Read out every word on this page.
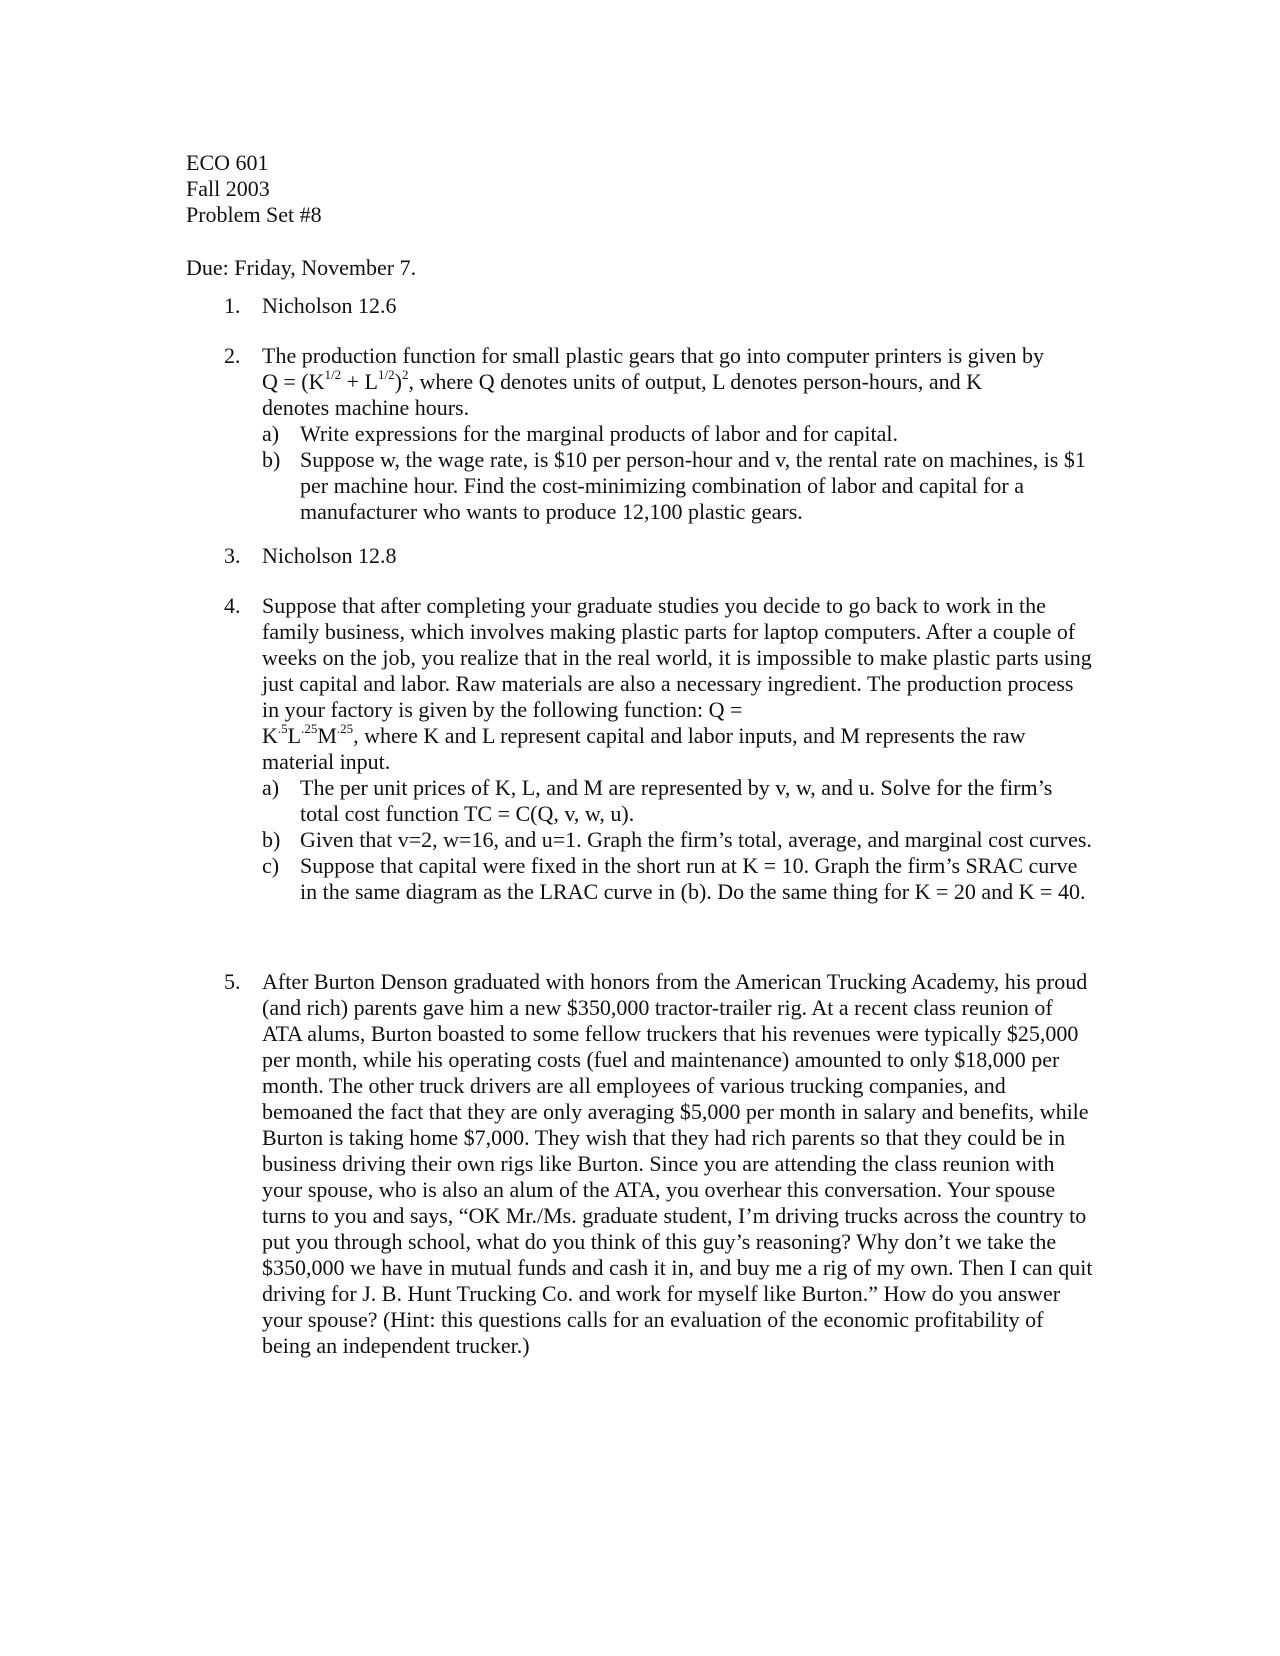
ECO 601
Fall 2003
Problem Set #8
Due: Friday, November 7.
1. Nicholson 12.6
2. The production function for small plastic gears that go into computer printers is given by
$Q = (K^{1/2} + L^{1/2})^2$, where Q denotes units of output, L denotes person-hours, and K
denotes machine hours.
a) Write expressions for the marginal products of labor and for capital.
b) Suppose w, the wage rate, is $10 per person-hour and v, the rental rate on machines, is $1 per machine hour. Find the cost-minimizing combination of labor and capital for a manufacturer who wants to produce 12,100 plastic gears.
3. Nicholson 12.8
4. Suppose that after completing your graduate studies you decide to go back to work in the family business, which involves making plastic parts for laptop computers. After a couple of weeks on the job, you realize that in the real world, it is impossible to make plastic parts using just capital and labor. Raw materials are also a necessary ingredient. The production process in your factory is given by the following function: Q =
$K^{.5}L^{.25}M^{.25}$, where K and L represent capital and labor inputs, and M represents the raw material input.
a) The per unit prices of K, L, and M are represented by v, w, and u. Solve for the firm’s total cost function TC = C(Q, v, w, u).
b) Given that v=2, w=16, and u=1. Graph the firm’s total, average, and marginal cost curves.
c) Suppose that capital were fixed in the short run at K = 10. Graph the firm’s SRAC curve in the same diagram as the LRAC curve in (b). Do the same thing for K = 20 and K = 40.
5. After Burton Denson graduated with honors from the American Trucking Academy, his proud (and rich) parents gave him a new $350,000 tractor-trailer rig. At a recent class reunion of ATA alums, Burton boasted to some fellow truckers that his revenues were typically $25,000 per month, while his operating costs (fuel and maintenance) amounted to only $18,000 per month. The other truck drivers are all employees of various trucking companies, and bemoaned the fact that they are only averaging $5,000 per month in salary and benefits, while Burton is taking home $7,000. They wish that they had rich parents so that they could be in business driving their own rigs like Burton. Since you are attending the class reunion with your spouse, who is also an alum of the ATA, you overhear this conversation. Your spouse turns to you and says, “OK Mr./Ms. graduate student, I’m driving trucks across the country to put you through school, what do you think of this guy’s reasoning? Why don’t we take the $350,000 we have in mutual funds and cash it in, and buy me a rig of my own. Then I can quit driving for J. B. Hunt Trucking Co. and work for myself like Burton.” How do you answer your spouse? (Hint: this questions calls for an evaluation of the economic profitability of being an independent trucker.)
